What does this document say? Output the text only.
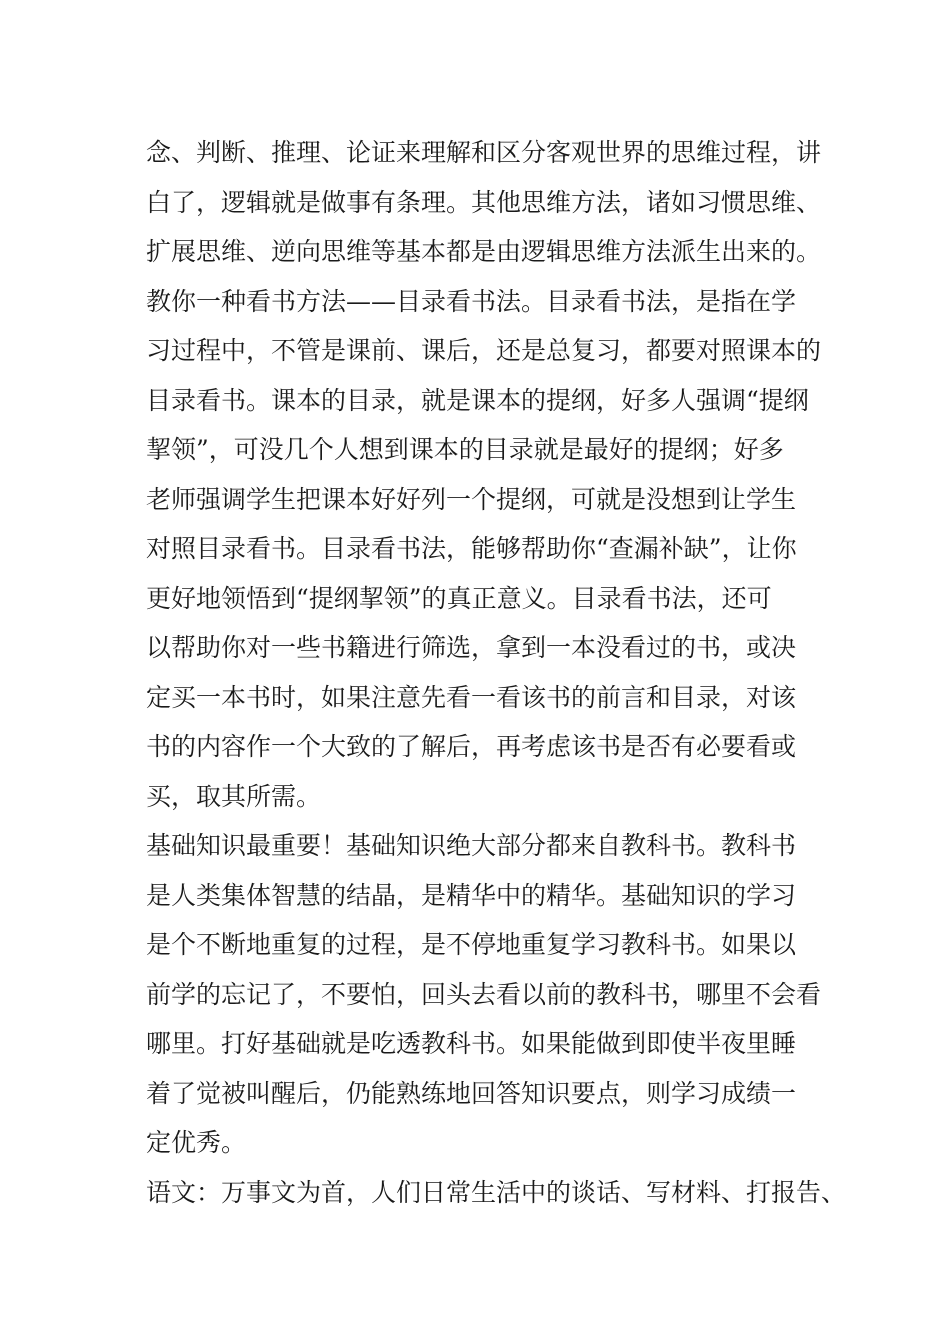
念、判断、推理、论证来理解和区分客观世界的思维过程，讲
白了，逻辑就是做事有条理。其他思维方法，诸如习惯思维、
扩展思维、逆向思维等基本都是由逻辑思维方法派生出来的。
教你一种看书方法——目录看书法。目录看书法，是指在学
习过程中，不管是课前、课后，还是总复习，都要对照课本的
目录看书。课本的目录，就是课本的提纲，好多人强调“提纲
挈领”，可没几个人想到课本的目录就是最好的提纲；好多
老师强调学生把课本好好列一个提纲，可就是没想到让学生
对照目录看书。目录看书法，能够帮助你“查漏补缺”，让你
更好地领悟到“提纲挈领”的真正意义。目录看书法，还可
以帮助你对一些书籍进行筛选，拿到一本没看过的书，或决
定买一本书时，如果注意先看一看该书的前言和目录，对该
书的内容作一个大致的了解后，再考虑该书是否有必要看或
买，取其所需。
基础知识最重要！基础知识绝大部分都来自教科书。教科书
是人类集体智慧的结晶，是精华中的精华。基础知识的学习
是个不断地重复的过程，是不停地重复学习教科书。如果以
前学的忘记了，不要怕，回头去看以前的教科书，哪里不会看
哪里。打好基础就是吃透教科书。如果能做到即使半夜里睡
着了觉被叫醒后，仍能熟练地回答知识要点，则学习成绩一
定优秀。
语文：万事文为首，人们日常生活中的谈话、写材料、打报告、
